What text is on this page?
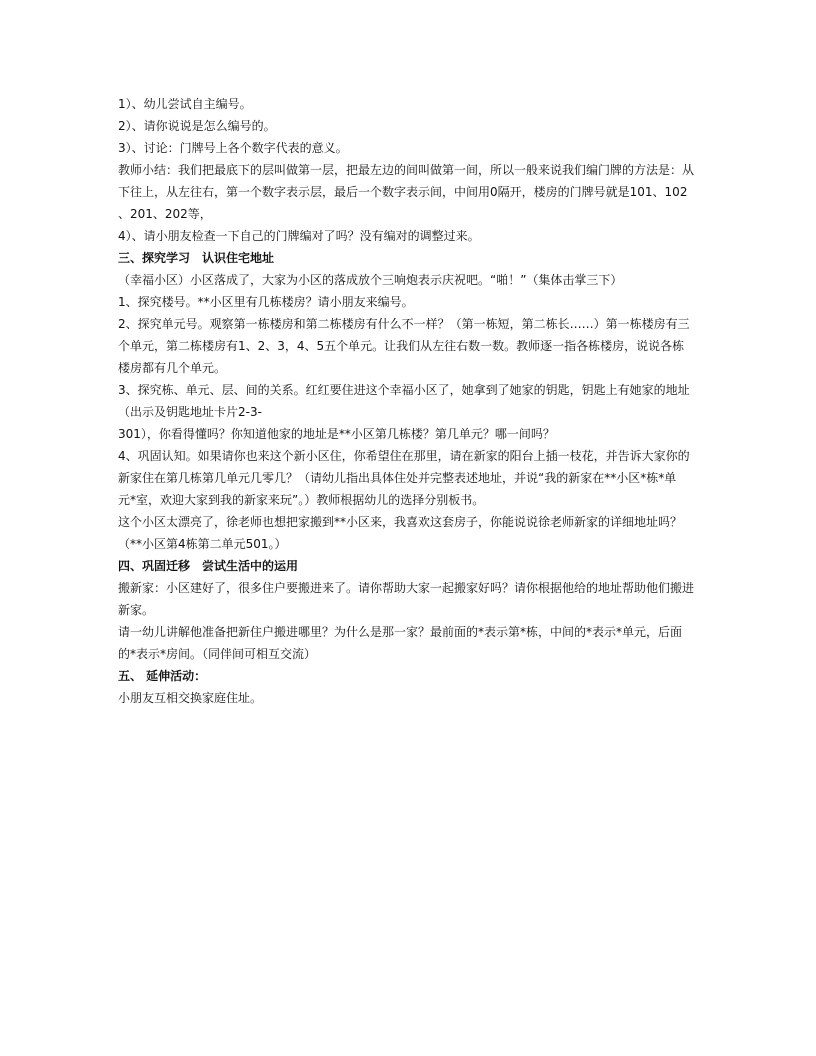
1）、幼儿尝试自主编号。
2）、请你说说是怎么编号的。
3）、讨论：门牌号上各个数字代表的意义。
教师小结：我们把最底下的层叫做第一层，把最左边的间叫做第一间，所以一般来说我们编门牌的方法是：从
下往上，从左往右，第一个数字表示层，最后一个数字表示间，中间用0隔开，楼房的门牌号就是101、102
、201、202等，
4）、请小朋友检查一下自己的门牌编对了吗？没有编对的调整过来。
三、探究学习　认识住宅地址
（幸福小区）小区落成了，大家为小区的落成放个三响炮表示庆祝吧。“啪！”（集体击掌三下）
1、探究楼号。**小区里有几栋楼房？请小朋友来编号。
2、探究单元号。观察第一栋楼房和第二栋楼房有什么不一样？（第一栋短，第二栋长……）第一栋楼房有三
个单元，第二栋楼房有1、2、3，4、5五个单元。让我们从左往右数一数。教师逐一指各栋楼房，说说各栋
楼房都有几个单元。
3、探究栋、单元、层、间的关系。红红要住进这个幸福小区了，她拿到了她家的钥匙，钥匙上有她家的地址
（出示及钥匙地址卡片2-3-
301），你看得懂吗？你知道他家的地址是**小区第几栋楼？第几单元？哪一间吗？
4、巩固认知。如果请你也来这个新小区住，你希望住在那里，请在新家的阳台上插一枝花，并告诉大家你的
新家住在第几栋第几单元几零几？（请幼儿指出具体住处并完整表述地址，并说“我的新家在**小区*栋*单
元*室，欢迎大家到我的新家来玩”。）教师根据幼儿的选择分别板书。
这个小区太漂亮了，徐老师也想把家搬到**小区来，我喜欢这套房子，你能说说徐老师新家的详细地址吗？
（**小区第4栋第二单元501。）
四、巩固迁移　尝试生活中的运用
搬新家：小区建好了，很多住户要搬进来了。请你帮助大家一起搬家好吗？请你根据他给的地址帮助他们搬进
新家。
请一幼儿讲解他准备把新住户搬进哪里？为什么是那一家？最前面的*表示第*栋，中间的*表示*单元，后面
的*表示*房间。（同伴间可相互交流）
五、 延伸活动：
小朋友互相交换家庭住址。
